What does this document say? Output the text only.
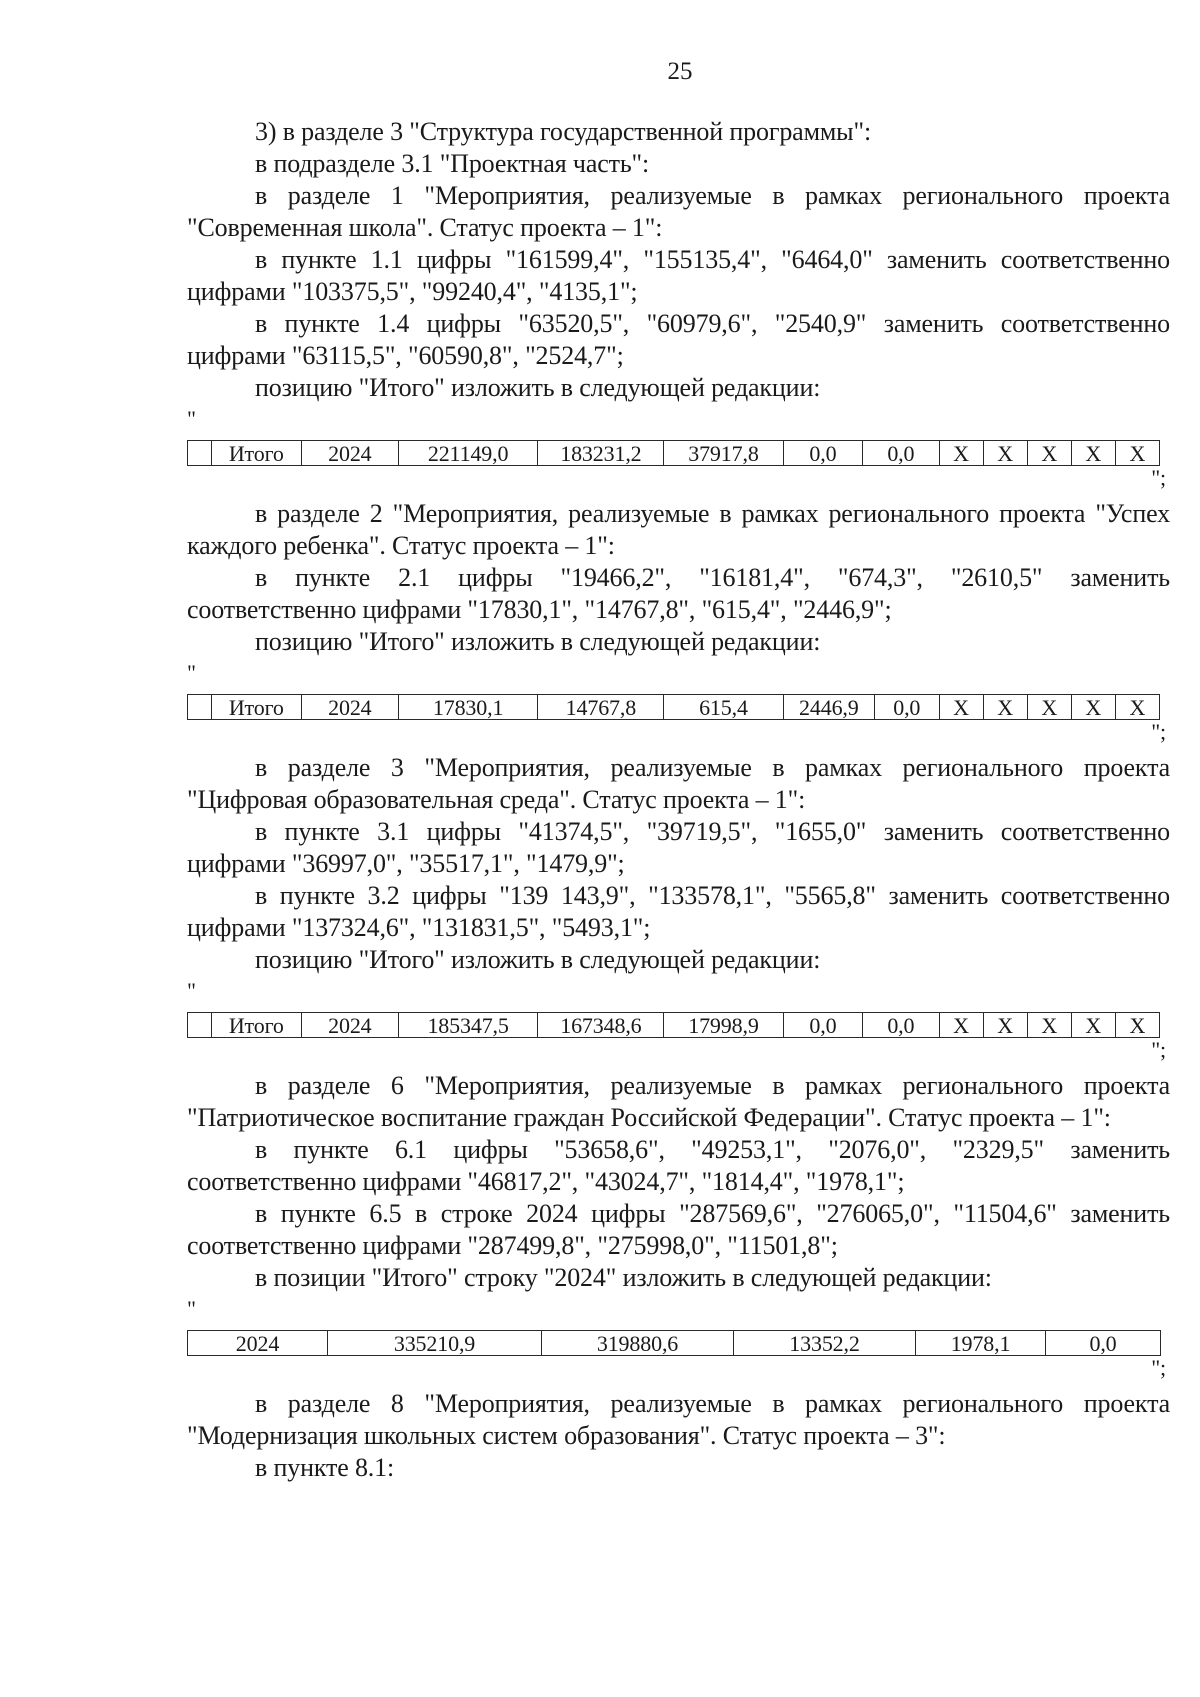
25

3) в разделе 3 "Структура государственной программы":

в подразделе 3.1 "Проектная часть":

в разделе 1 "Мероприятия, реализуемые в рамках регионального проекта "Современная школа". Статус проекта – 1":

в пункте 1.1 цифры "161599,4", "155135,4", "6464,0" заменить соответственно цифрами "103375,5", "99240,4", "4135,1";

в пункте 1.4 цифры "63520,5", "60979,6", "2540,9" заменить соответственно цифрами "63115,5", "60590,8", "2524,7";

позицию "Итого" изложить в следующей редакции:

"
	Итого	2024	221149,0	183231,2	37917,8	0,0	0,0	X	X	X	X	X
";

в разделе 2 "Мероприятия, реализуемые в рамках регионального проекта "Успех каждого ребенка". Статус проекта – 1":

в пункте 2.1 цифры "19466,2", "16181,4", "674,3", "2610,5" заменить соответственно цифрами "17830,1", "14767,8", "615,4", "2446,9";

позицию "Итого" изложить в следующей редакции:

"
	Итого	2024	17830,1	14767,8	615,4	2446,9	0,0	X	X	X	X	X
";

в разделе 3 "Мероприятия, реализуемые в рамках регионального проекта "Цифровая образовательная среда". Статус проекта – 1":

в пункте 3.1 цифры "41374,5", "39719,5", "1655,0" заменить соответственно цифрами "36997,0", "35517,1", "1479,9";

в пункте 3.2 цифры "139 143,9", "133578,1", "5565,8" заменить соответственно цифрами "137324,6", "131831,5", "5493,1";

позицию "Итого" изложить в следующей редакции:

"
	Итого	2024	185347,5	167348,6	17998,9	0,0	0,0	X	X	X	X	X
";

в разделе 6 "Мероприятия, реализуемые в рамках регионального проекта "Патриотическое воспитание граждан Российской Федерации". Статус проекта – 1":

в пункте 6.1 цифры "53658,6", "49253,1", "2076,0", "2329,5" заменить соответственно цифрами "46817,2", "43024,7", "1814,4", "1978,1";

в пункте 6.5 в строке 2024 цифры "287569,6", "276065,0", "11504,6" заменить соответственно цифрами "287499,8", "275998,0", "11501,8";

в позиции "Итого" строку "2024" изложить в следующей редакции:

"
2024	335210,9	319880,6	13352,2	1978,1	0,0
";

в разделе 8 "Мероприятия, реализуемые в рамках регионального проекта "Модернизация школьных систем образования". Статус проекта – 3":

в пункте 8.1:
